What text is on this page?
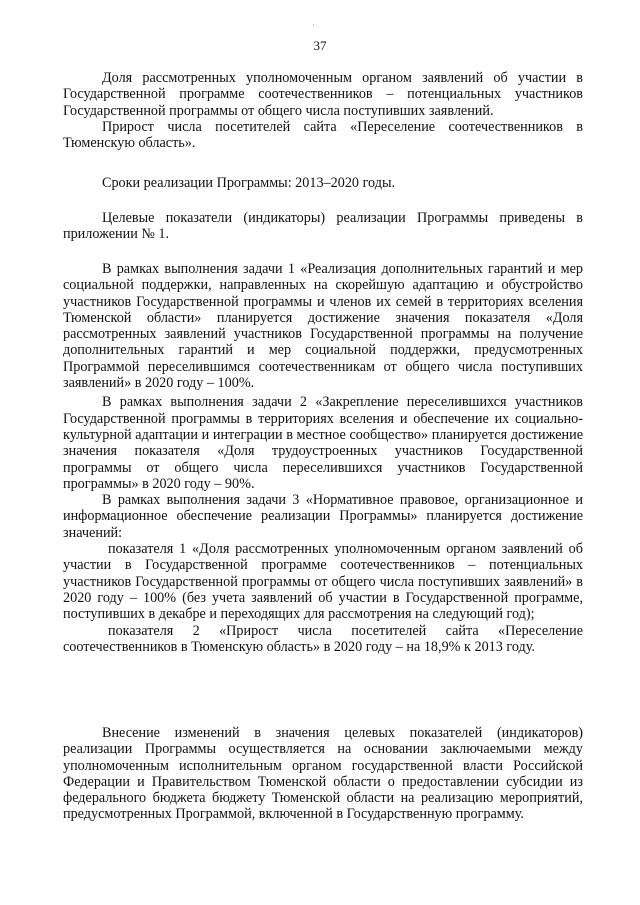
·
37

Доля рассмотренных уполномоченным органом заявлений об участии в Государственной программе соотечественников – потенциальных участников Государственной программы от общего числа поступивших заявлений.

Прирост числа посетителей сайта «Переселение соотечественников в Тюменскую область».

Сроки реализации Программы: 2013–2020 годы.

Целевые показатели (индикаторы) реализации Программы приведены в приложении № 1.

В рамках выполнения задачи 1 «Реализация дополнительных гарантий и мер социальной поддержки, направленных на скорейшую адаптацию и обустройство участников Государственной программы и членов их семей в территориях вселения Тюменской области» планируется достижение значения показателя «Доля рассмотренных заявлений участников Государственной программы на получение дополнительных гарантий и мер социальной поддержки, предусмотренных Программой переселившимся соотечественникам от общего числа поступивших заявлений» в 2020 году – 100%.

В рамках выполнения задачи 2 «Закрепление переселившихся участников Государственной программы в территориях вселения и обеспечение их социально-культурной адаптации и интеграции в местное сообщество» планируется достижение значения показателя «Доля трудоустроенных участников Государственной программы от общего числа переселившихся участников Государственной программы» в 2020 году – 90%.

В рамках выполнения задачи 3 «Нормативное правовое, организационное и информационное обеспечение реализации Программы» планируется достижение значений:

показателя 1 «Доля рассмотренных уполномоченным органом заявлений об участии в Государственной программе соотечественников – потенциальных участников Государственной программы от общего числа поступивших заявлений» в 2020 году – 100% (без учета заявлений об участии в Государственной программе, поступивших в декабре и переходящих для рассмотрения на следующий год);

показателя 2 «Прирост числа посетителей сайта «Переселение соотечественников в Тюменскую область» в 2020 году – на 18,9% к 2013 году.

Внесение изменений в значения целевых показателей (индикаторов) реализации Программы осуществляется на основании заключаемыми между уполномоченным исполнительным органом государственной власти Российской Федерации и Правительством Тюменской области о предоставлении субсидии из федерального бюджета бюджету Тюменской области на реализацию мероприятий, предусмотренных Программой, включенной в Государственную программу.
